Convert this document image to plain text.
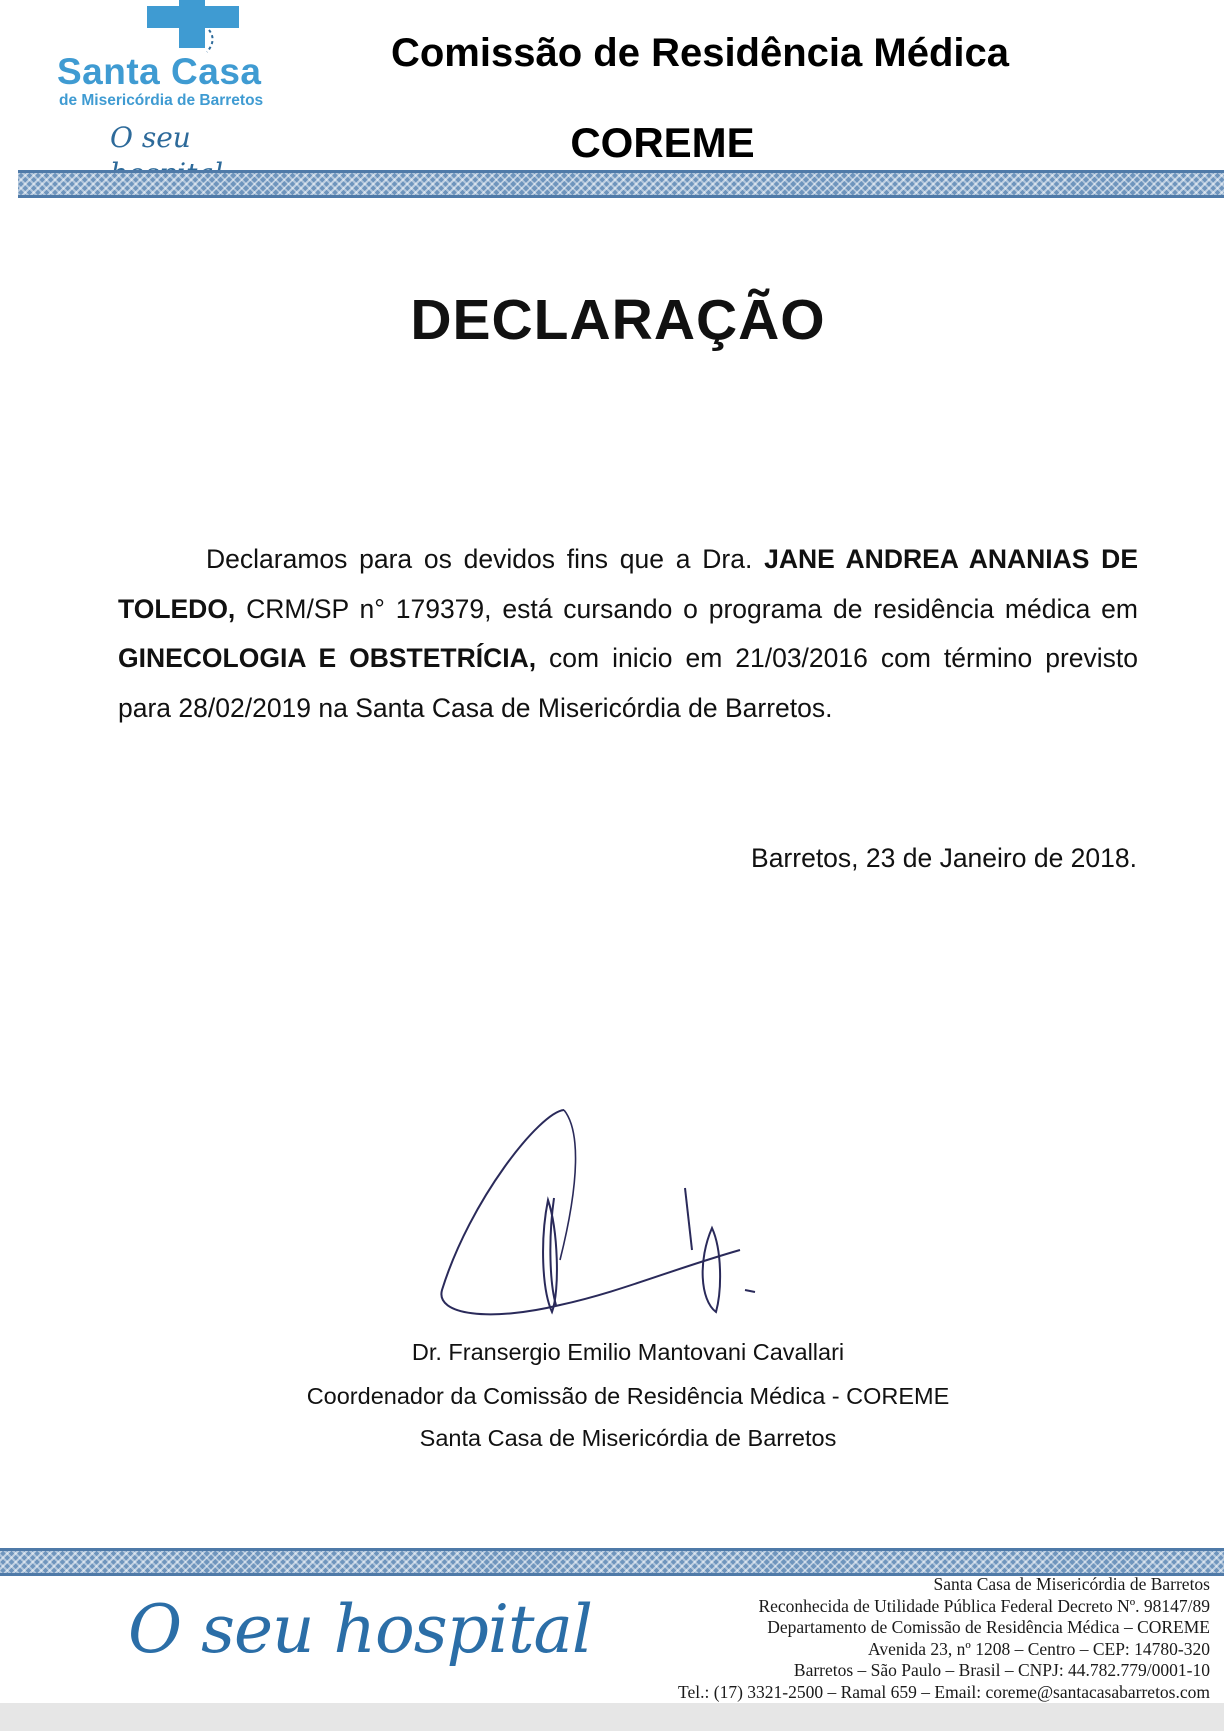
Santa Casa
de Misericórdia de Barretos
O seu
Comissão de Residência Médica
COREME
DECLARAÇÃO

Declaramos para os devidos fins que a Dra. JANE ANDREA ANANIAS DE TOLEDO, CRM/SP n° 179379, está cursando o programa de residência médica em GINECOLOGIA E OBSTETRÍCIA, com inicio em 21/03/2016 com término previsto para 28/02/2019 na Santa Casa de Misericórdia de Barretos.

Barretos, 23 de Janeiro de 2018.
Dr. Fransergio Emilio Mantovani Cavallari
Coordenador da Comissão de Residência Médica - COREME
Santa Casa de Misericórdia de Barretos
O seu hospital
Santa Casa de Misericórdia de Barretos
Reconhecida de Utilidade Pública Federal Decreto Nº. 98147/89
Departamento de Comissão de Residência Médica – COREME
Avenida 23, nº 1208 – Centro – CEP: 14780-320
Barretos – São Paulo – Brasil – CNPJ: 44.782.779/0001-10
Tel.: (17) 3321-2500 – Ramal 659 – Email: coreme@santacasabarretos.com
